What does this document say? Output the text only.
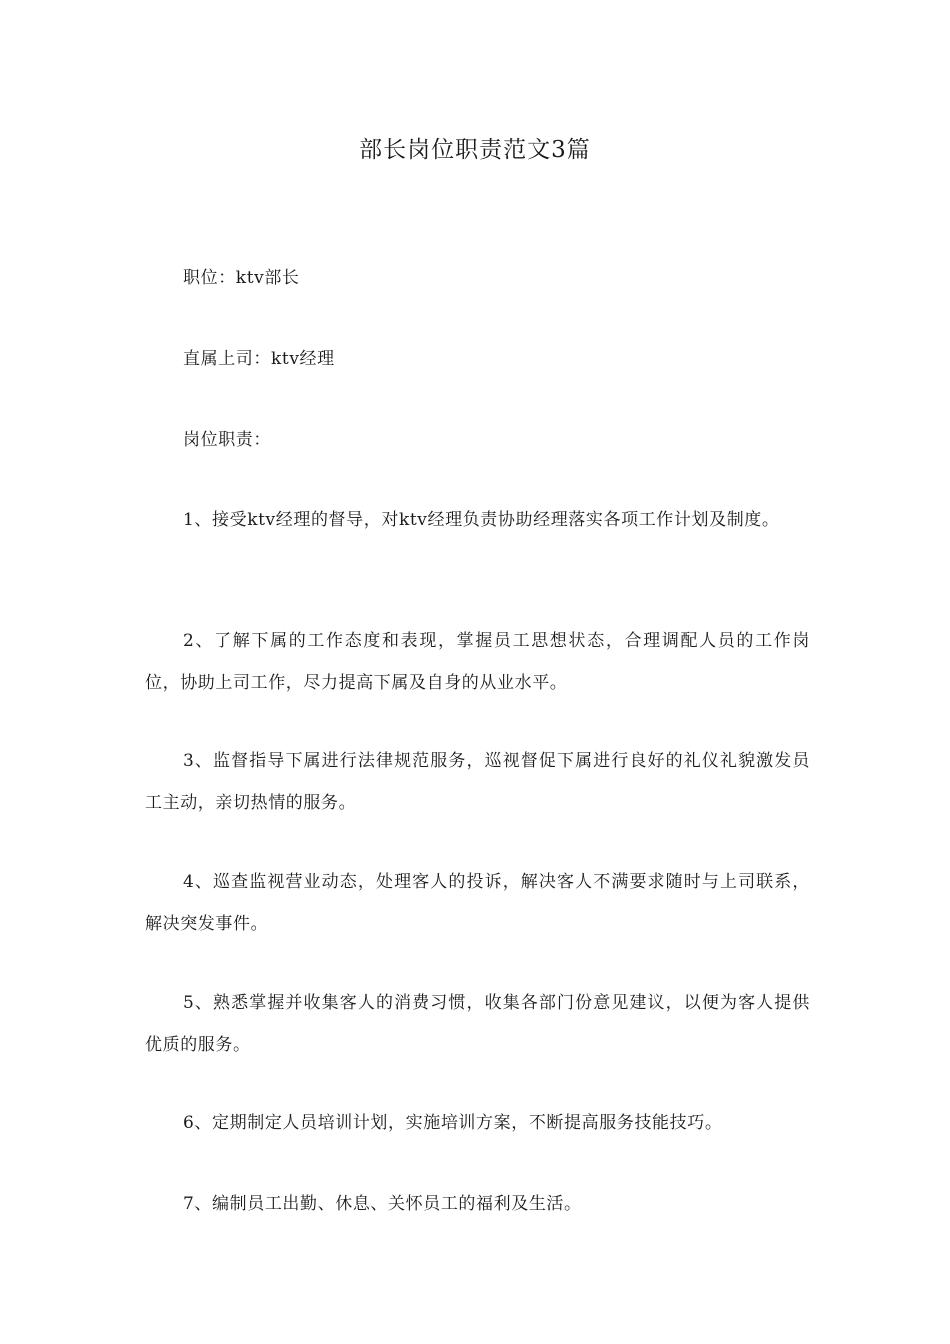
部长岗位职责范文3篇

职位：ktv部长

直属上司：ktv经理

岗位职责：

1、接受ktv经理的督导，对ktv经理负责协助经理落实各项工作计划及制度。

2、了解下属的工作态度和表现，掌握员工思想状态，合理调配人员的工作岗位，协助上司工作，尽力提高下属及自身的从业水平。

3、监督指导下属进行法律规范服务，巡视督促下属进行良好的礼仪礼貌激发员工主动，亲切热情的服务。

4、巡查监视营业动态，处理客人的投诉，解决客人不满要求随时与上司联系，解决突发事件。

5、熟悉掌握并收集客人的消费习惯，收集各部门份意见建议，以便为客人提供优质的服务。

6、定期制定人员培训计划，实施培训方案，不断提高服务技能技巧。

7、编制员工出勤、休息、关怀员工的福利及生活。
